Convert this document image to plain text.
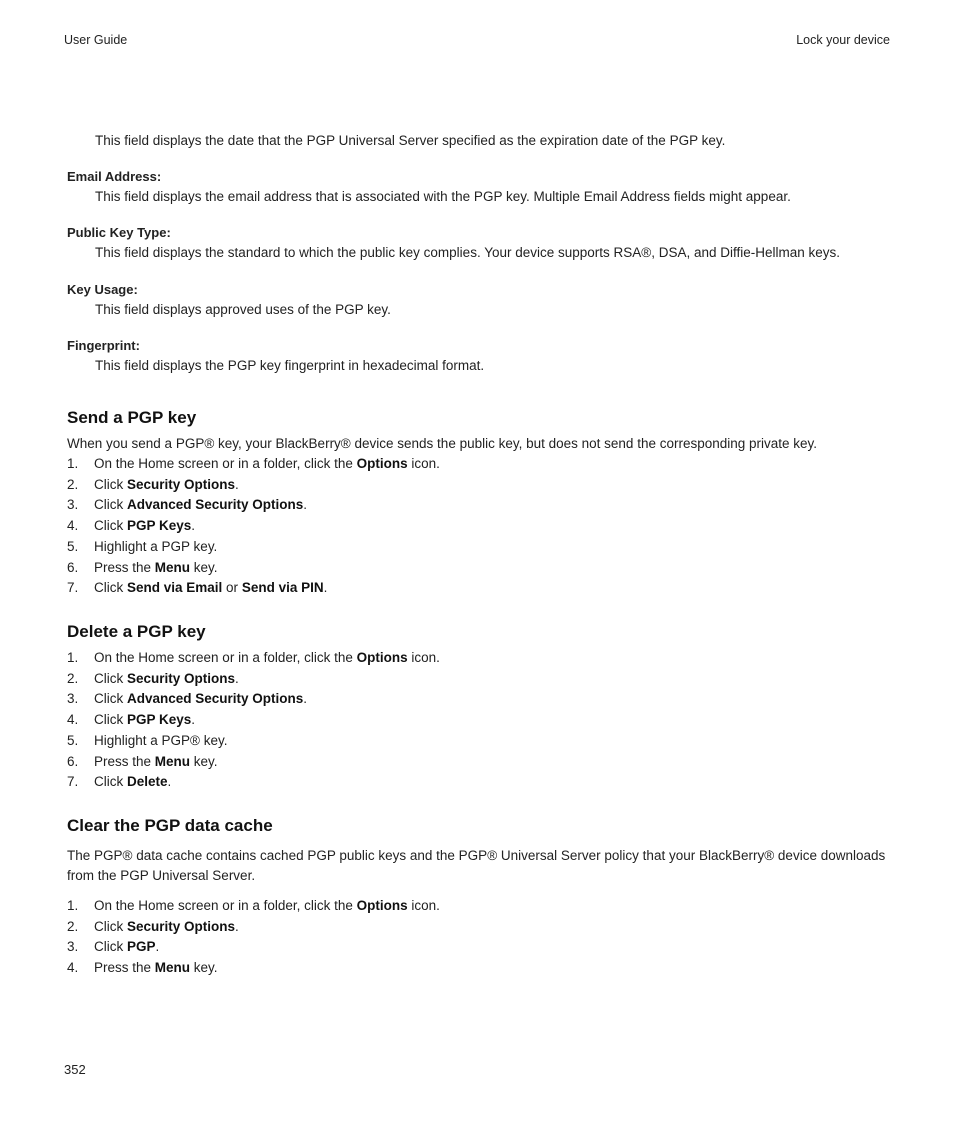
User Guide	Lock your device

This field displays the date that the PGP Universal Server specified as the expiration date of the PGP key.

Email Address:

This field displays the email address that is associated with the PGP key. Multiple Email Address fields might appear.

Public Key Type:

This field displays the standard to which the public key complies. Your device supports RSA®, DSA, and Diffie-Hellman keys.

Key Usage:

This field displays approved uses of the PGP key.

Fingerprint:

This field displays the PGP key fingerprint in hexadecimal format.

Send a PGP key

When you send a PGP® key, your BlackBerry® device sends the public key, but does not send the corresponding private key.

1. On the Home screen or in a folder, click the Options icon.
2. Click Security Options.
3. Click Advanced Security Options.
4. Click PGP Keys.
5. Highlight a PGP key.
6. Press the Menu key.
7. Click Send via Email or Send via PIN.
Delete a PGP key
1. On the Home screen or in a folder, click the Options icon.
2. Click Security Options.
3. Click Advanced Security Options.
4. Click PGP Keys.
5. Highlight a PGP® key.
6. Press the Menu key.
7. Click Delete.
Clear the PGP data cache

The PGP® data cache contains cached PGP public keys and the PGP® Universal Server policy that your BlackBerry® device downloads from the PGP Universal Server.

1. On the Home screen or in a folder, click the Options icon.
2. Click Security Options.
3. Click PGP.
4. Press the Menu key.
352
